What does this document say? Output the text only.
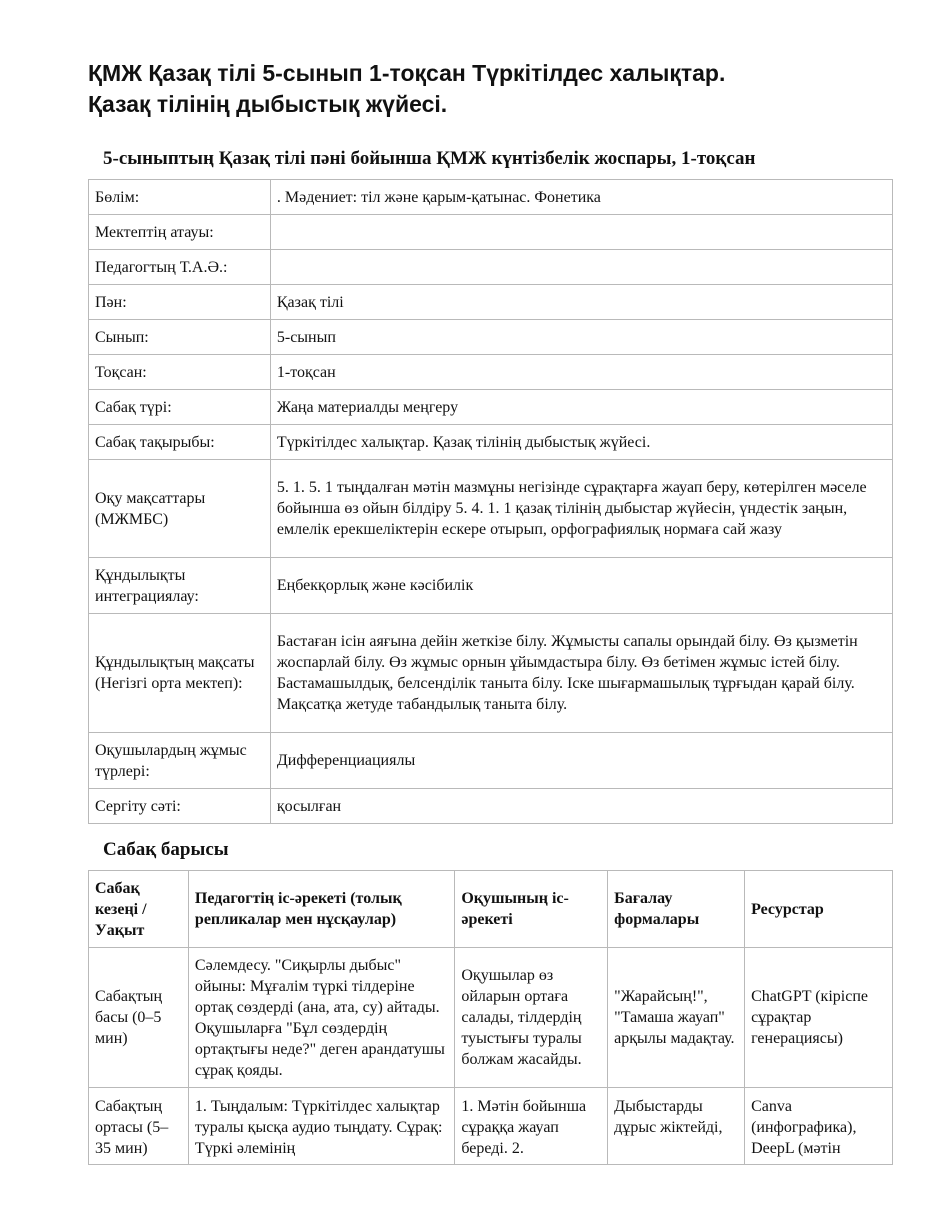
ҚМЖ Қазақ тілі 5-сынып 1-тоқсан Түркітілдес халықтар.
Қазақ тілінің дыбыстық жүйесі.
5-сыныптың Қазақ тілі пәні бойынша ҚМЖ күнтізбелік жоспары, 1-тоқсан
Бөлім:	. Мәдениет: тіл және қарым-қатынас. Фонетика
Мектептің атауы:	
Педагогтың Т.А.Ә.:	
Пән:	Қазақ тілі
Сынып:	5-сынып
Тоқсан:	1-тоқсан
Сабақ түрі:	Жаңа материалды меңгеру
Сабақ тақырыбы:	Түркітілдес халықтар. Қазақ тілінің дыбыстық жүйесі.
Оқу мақсаттары (МЖМБС)	5. 1. 5. 1 тыңдалған мәтін мазмұны негізінде сұрақтарға жауап беру, көтерілген мәселе бойынша өз ойын білдіру 5. 4. 1. 1 қазақ тілінің дыбыстар жүйесін, үндестік заңын, емлелік ерекшеліктерін ескере отырып, орфографиялық нормаға сай жазу
Құндылықты интеграциялау:	Еңбекқорлық және кәсібилік
Құндылықтың мақсаты (Негізгі орта мектеп):	Бастаған ісін аяғына дейін жеткізе білу. Жұмысты сапалы орындай білу. Өз қызметін жоспарлай білу. Өз жұмыс орнын ұйымдастыра білу. Өз бетімен жұмыс істей білу. Бастамашылдық, белсенділік таныта білу. Іске шығармашылық тұрғыдан қарай білу. Мақсатқа жетуде табандылық таныта білу.
Оқушылардың жұмыс түрлері:	Дифференциациялы
Сергіту сәті:	қосылған
Сабақ барысы
Сабақ кезеңі / Уақыт	Педагогтің іс-әрекеті (толық репликалар мен нұсқаулар)	Оқушының іс-әрекеті	Бағалау формалары	Ресурстар
Сабақтың басы (0–5 мин)	Сәлемдесу. "Сиқырлы дыбыс" ойыны: Мұғалім түркі тілдеріне ортақ сөздерді (ана, ата, су) айтады. Оқушыларға "Бұл сөздердің ортақтығы неде?" деген арандатушы сұрақ қояды.	Оқушылар өз ойларын ортаға салады, тілдердің туыстығы туралы болжам жасайды.	"Жарайсың!", "Тамаша жауап" арқылы мадақтау.	ChatGPT (кіріспе сұрақтар генерациясы)
Сабақтың ортасы (5–35 мин)	1. Тыңдалым: Түркітілдес халықтар туралы қысқа аудио тыңдату. Сұрақ: Түркі әлемінің	1. Мәтін бойынша сұраққа жауап береді. 2.	Дыбыстарды дұрыс жіктейді,	Canva (инфографика), DeepL (мәтін
